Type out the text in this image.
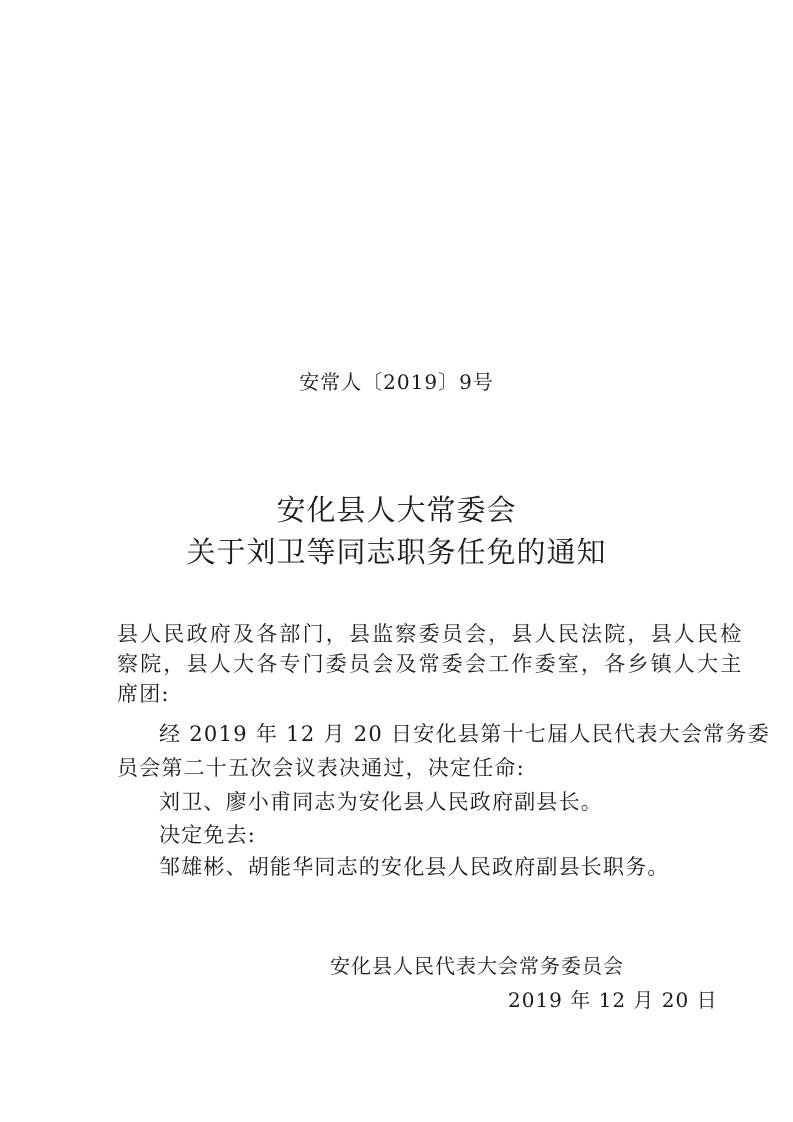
安常人〔2019〕9号
安化县人大常委会
关于刘卫等同志职务任免的通知
县人民政府及各部门，县监察委员会，县人民法院，县人民检
察院，县人大各专门委员会及常委会工作委室，各乡镇人大主
席团:
经 2019 年 12 月 20 日安化县第十七届人民代表大会常务委
员会第二十五次会议表决通过，决定任命:
刘卫、廖小甫同志为安化县人民政府副县长。
决定免去:
邹雄彬、胡能华同志的安化县人民政府副县长职务。
安化县人民代表大会常务委员会
2019 年 12 月 20 日
